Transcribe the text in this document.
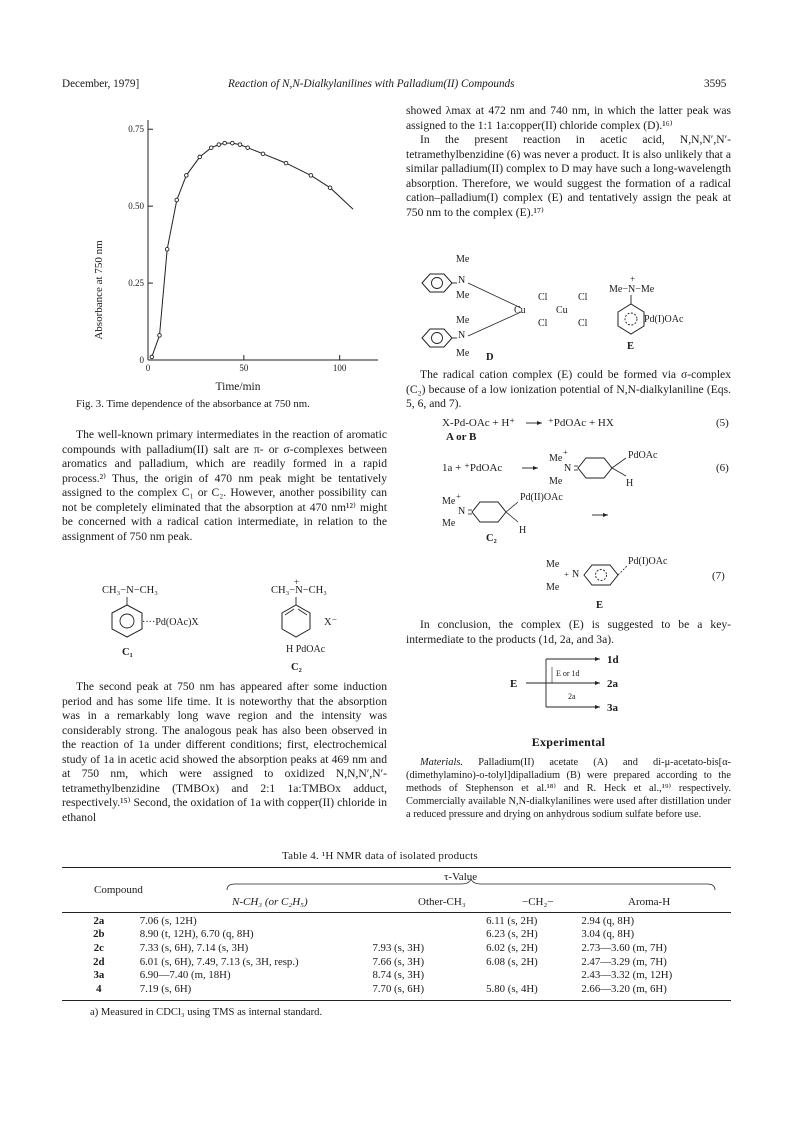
December, 1979]	Reaction of N,N-Dialkylanilines with Palladium(II) Compounds	3595
0.75
0.50
0.25
0
0	50	100
Absorbance at 750 nm
Time/min
Fig. 3. Time dependence of the absorbance at 750 nm.

The well-known primary intermediates in the reaction of aromatic compounds with palladium(II) salt are π- or σ-complexes between aromatics and palladium, which are readily formed in a rapid process.²⁾ Thus, the origin of 470 nm peak might be tentatively assigned to the complex C₁ or C₂. However, another possibility can not be completely eliminated that the absorption at 470 nm¹²⁾ might be concerned with a radical cation intermediate, in relation to the assignment of 750 nm peak.

CH₃−N−CH₃
····Pd(OAc)X
C₁
CH₃−N−CH₃
+
X⁻
H PdOAc
C₂

The second peak at 750 nm has appeared after some induction period and has some life time. It is noteworthy that the absorption was in a remarkably long wave region and the intensity was considerably strong. The analogous peak has also been observed in the reaction of 1a under different conditions; first, electrochemical study of 1a in acetic acid showed the absorption peaks at 469 nm and at 750 nm, which were assigned to oxidized N,N,N′,N′-tetramethylbenzidine (TMBOx) and 2:1 1a:TMBOx adduct, respectively.¹⁵⁾ Second, the oxidation of 1a with copper(II) chloride in ethanol

showed λmax at 472 nm and 740 nm, in which the latter peak was assigned to the 1:1 1a:copper(II) chloride complex (D).¹⁶⁾

In the present reaction in acetic acid, N,N,N′,N′-tetramethylbenzidine (6) was never a product. It is also unlikely that a similar palladium(II) complex to D may have such a long-wavelength absorption. Therefore, we would suggest the formation of a radical cation–palladium(I) complex (E) and tentatively assign the peak at 750 nm to the complex (E).¹⁷⁾

Me
N
Me
Me
N
Me
Cu	Cu
Cl
Cl
Cl
Cl
D
Me−N−Me
+
Pd(I)OAc
E

The radical cation complex (E) could be formed via σ-complex (C₂) because of a low ionization potential of N,N-dialkylaniline (Eqs. 5, 6, and 7).

X-Pd-OAc + H⁺	⁺PdOAc + HX	(5)
A or B
1a + ⁺PdOAc
Me
+
N
Me
PdOAc
H
(6)
Me +
N
Me
Pd(II)OAc
H
C₂
Me
+ N
Me
Pd(I)OAc
(7)
E

In conclusion, the complex (E) is suggested to be a key-intermediate to the products (1d, 2a, and 3a).

E
E or 1d
2a
1d
2a
3a
Experimental
Materials. Palladium(II) acetate (A) and di-μ-acetato-bis[α-(dimethylamino)-o-tolyl]dipalladium (B) were prepared according to the methods of Stephenson et al.¹⁸⁾ and R. Heck et al.,¹⁹⁾ respectively. Commercially available N,N-dialkylanilines were used after distillation under a reduced pressure and drying on anhydrous sodium sulfate before use.
Table 4. ¹H NMR data of isolated products
Compound
τ-Value
N-CH₃ (or C₂H₅)	Other-CH₃	−CH₂−	Aroma-H
2a	7.06 (s, 12H)		6.11 (s, 2H)	2.94 (q, 8H)
2b	8.90 (t, 12H), 6.70 (q, 8H)		6.23 (s, 2H)	3.04 (q, 8H)
2c	7.33 (s, 6H), 7.14 (s, 3H)	7.93 (s, 3H)	6.02 (s, 2H)	2.73—3.60 (m, 7H)
2d	6.01 (s, 6H), 7.49, 7.13 (s, 3H, resp.)	7.66 (s, 3H)	6.08 (s, 2H)	2.47—3.29 (m, 7H)
3a	6.90—7.40 (m, 18H)	8.74 (s, 3H)		2.43—3.32 (m, 12H)
4	7.19 (s, 6H)	7.70 (s, 6H)	5.80 (s, 4H)	2.66—3.20 (m, 6H)
a) Measured in CDCl₃ using TMS as internal standard.
